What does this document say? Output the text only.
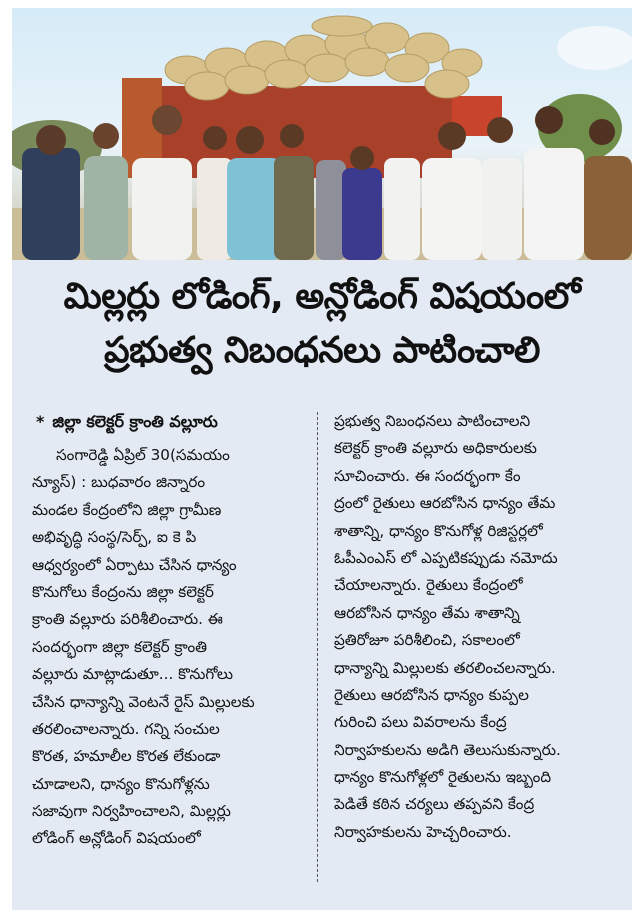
మిల్లర్లు లోడింగ్, అన్లోడింగ్ విషయంలో
ప్రభుత్వ నిబంధనలు పాటించాలి
* జిల్లా కలెక్టర్ క్రాంతి వల్లూరు
సంగారెడ్డి ఏప్రిల్ 30(సమయం
న్యూస్) : బుధవారం జిన్నారం
మండల కేంద్రంలోని జిల్లా గ్రామీణ
అభివృద్ధి సంస్థ/సెర్ప్, ఐ కె పి
ఆధ్వర్యంలో ఏర్పాటు చేసిన ధాన్యం
కొనుగోలు కేంద్రంను జిల్లా కలెక్టర్
క్రాంతి వల్లూరు పరిశీలించారు. ఈ
సందర్భంగా జిల్లా కలెక్టర్ క్రాంతి
వల్లూరు మాట్లాడుతూ... కొనుగోలు
చేసిన ధాన్యాన్ని వెంటనే రైస్ మిల్లులకు
తరలించాలన్నారు. గన్ని సంచుల
కొరత, హమాలీల కొరత లేకుండా
చూడాలని, ధాన్యం కొనుగోళ్లను
సజావుగా నిర్వహించాలని, మిల్లర్లు
లోడింగ్ అన్లోడింగ్ విషయంలో
ప్రభుత్వ నిబంధనలు పాటించాలని
కలెక్టర్ క్రాంతి వల్లూరు అధికారులకు
సూచించారు. ఈ సందర్భంగా కేం
ద్రంలో రైతులు ఆరబోసిన ధాన్యం తేమ
శాతాన్ని, ధాన్యం కొనుగోళ్ల రిజిస్టర్లలో
ఓపీఎంఎస్ లో ఎప్పటికప్పుడు నమోదు
చేయాలన్నారు. రైతులు కేంద్రంలో
ఆరబోసిన ధాన్యం తేమ శాతాన్ని
ప్రతిరోజూ పరిశీలించి, సకాలంలో
ధాన్యాన్ని మిల్లులకు తరలించలన్నారు.
రైతులు ఆరబోసిన ధాన్యం కుప్పల
గురించి పలు వివరాలను కేంద్ర
నిర్వాహకులను అడిగి తెలుసుకున్నారు.
ధాన్యం కొనుగోళ్లలో రైతులను ఇబ్బంది
పెడితే కఠిన చర్యలు తప్పవని కేంద్ర
నిర్వాహకులను హెచ్చరించారు.
